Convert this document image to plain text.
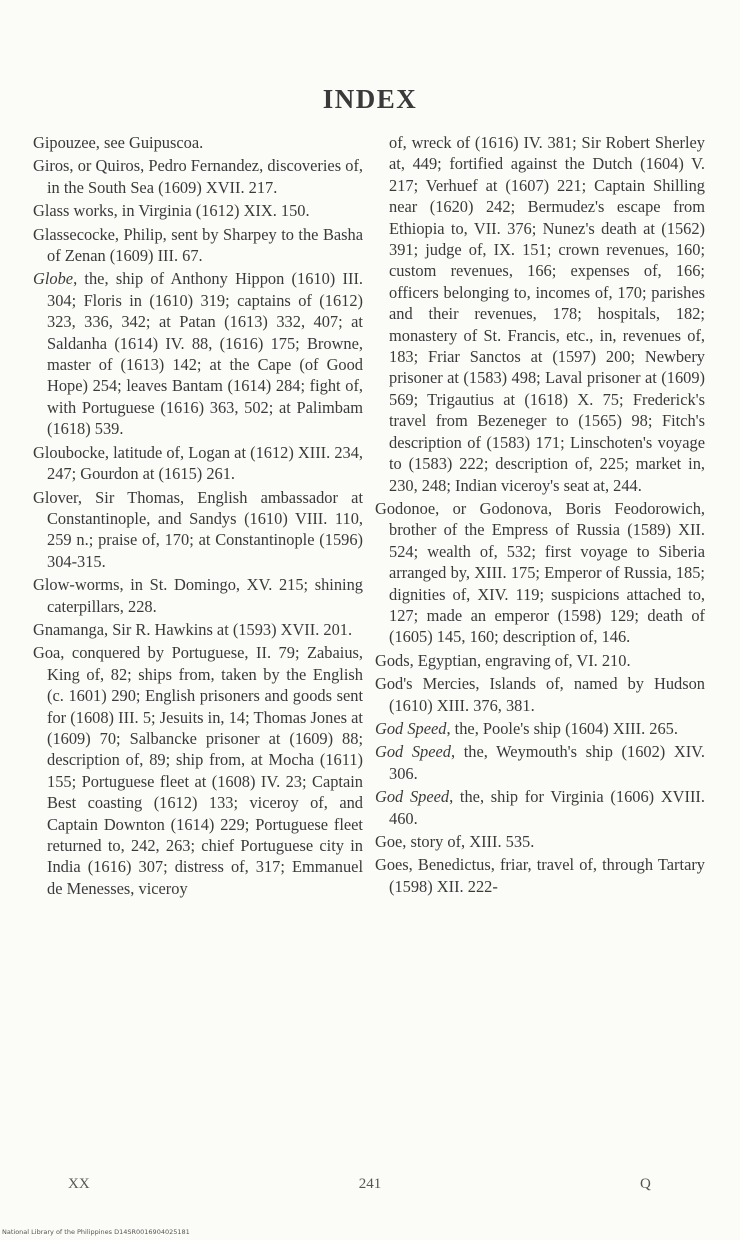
INDEX

Gipouzee, see Guipuscoa.

Giros, or Quiros, Pedro Fernandez, discoveries of, in the South Sea (1609) XVII. 217.

Glass works, in Virginia (1612) XIX. 150.

Glassecocke, Philip, sent by Sharpey to the Basha of Zenan (1609) III. 67.

Globe, the, ship of Anthony Hippon (1610) III. 304; Floris in (1610) 319; captains of (1612) 323, 336, 342; at Patan (1613) 332, 407; at Saldanha (1614) IV. 88, (1616) 175; Browne, master of (1613) 142; at the Cape (of Good Hope) 254; leaves Bantam (1614) 284; fight of, with Portuguese (1616) 363, 502; at Palimbam (1618) 539.

Gloubocke, latitude of, Logan at (1612) XIII. 234, 247; Gourdon at (1615) 261.

Glover, Sir Thomas, English ambassador at Constantinople, and Sandys (1610) VIII. 110, 259 n.; praise of, 170; at Constantinople (1596) 304-315.

Glow-worms, in St. Domingo, XV. 215; shining caterpillars, 228.

Gnamanga, Sir R. Hawkins at (1593) XVII. 201.

Goa, conquered by Portuguese, II. 79; Zabaius, King of, 82; ships from, taken by the English (c. 1601) 290; English prisoners and goods sent for (1608) III. 5; Jesuits in, 14; Thomas Jones at (1609) 70; Salbancke prisoner at (1609) 88; description of, 89; ship from, at Mocha (1611) 155; Portuguese fleet at (1608) IV. 23; Captain Best coasting (1612) 133; viceroy of, and Captain Downton (1614) 229; Portuguese fleet returned to, 242, 263; chief Portuguese city in India (1616) 307; distress of, 317; Emmanuel de Menesses, viceroy

of, wreck of (1616) IV. 381; Sir Robert Sherley at, 449; fortified against the Dutch (1604) V. 217; Verhuef at (1607) 221; Captain Shilling near (1620) 242; Bermudez's escape from Ethiopia to, VII. 376; Nunez's death at (1562) 391; judge of, IX. 151; crown revenues, 160; custom revenues, 166; expenses of, 166; officers belonging to, incomes of, 170; parishes and their revenues, 178; hospitals, 182; monastery of St. Francis, etc., in, revenues of, 183; Friar Sanctos at (1597) 200; Newbery prisoner at (1583) 498; Laval prisoner at (1609) 569; Trigautius at (1618) X. 75; Frederick's travel from Bezeneger to (1565) 98; Fitch's description of (1583) 171; Linschoten's voyage to (1583) 222; description of, 225; market in, 230, 248; Indian viceroy's seat at, 244.

Godonoe, or Godonova, Boris Feodorowich, brother of the Empress of Russia (1589) XII. 524; wealth of, 532; first voyage to Siberia arranged by, XIII. 175; Emperor of Russia, 185; dignities of, XIV. 119; suspicions attached to, 127; made an emperor (1598) 129; death of (1605) 145, 160; description of, 146.

Gods, Egyptian, engraving of, VI. 210.

God's Mercies, Islands of, named by Hudson (1610) XIII. 376, 381.

God Speed, the, Poole's ship (1604) XIII. 265.

God Speed, the, Weymouth's ship (1602) XIV. 306.

God Speed, the, ship for Virginia (1606) XVIII. 460.

Goe, story of, XIII. 535.

Goes, Benedictus, friar, travel of, through Tartary (1598) XII. 222-

XX	241	Q
National Library of the Philippines D14SR0016904025181
